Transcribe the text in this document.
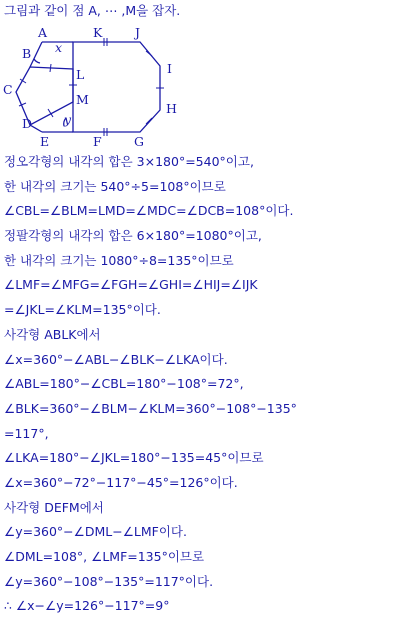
그림과 같이 점 A, ⋯ ,M을 잡자.
A
B
C
D
E	F	G
H
I
J
K
L
M
x
y
정오각형의 내각의 합은 3×180°=540°이고,
한 내각의 크기는 540°÷5=108°이므로
∠CBL=∠BLM=LMD=∠MDC=∠DCB=108°이다.
정팔각형의 내각의 합은 6×180°=1080°이고,
한 내각의 크기는 1080°÷8=135°이므로
∠LMF=∠MFG=∠FGH=∠GHI=∠HIJ=∠IJK
=∠JKL=∠KLM=135°이다.
사각형 ABLK에서
∠x=360°−∠ABL−∠BLK−∠LKA이다.
∠ABL=180°−∠CBL=180°−108°=72°,
∠BLK=360°−∠BLM−∠KLM=360°−108°−135°
=117°,
∠LKA=180°−∠JKL=180°−135=45°이므로
∠x=360°−72°−117°−45°=126°이다.
사각형 DEFM에서
∠y=360°−∠DML−∠LMF이다.
∠DML=108°, ∠LMF=135°이므로
∠y=360°−108°−135°=117°이다.
∴ ∠x−∠y=126°−117°=9°
